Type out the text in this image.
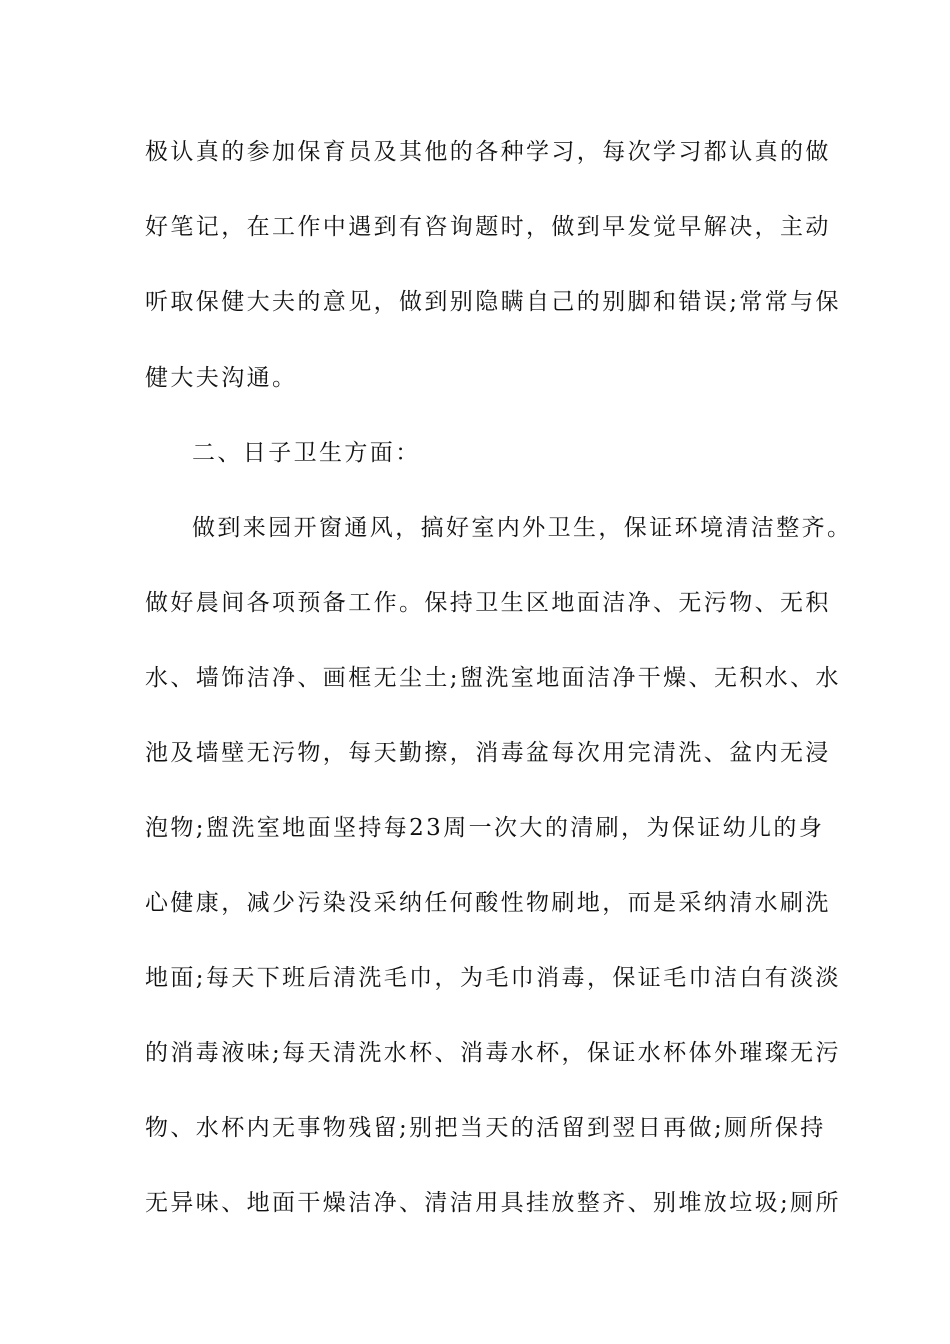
极认真的参加保育员及其他的各种学习，每次学习都认真的做
好笔记，在工作中遇到有咨询题时，做到早发觉早解决，主动
听取保健大夫的意见，做到别隐瞒自己的别脚和错误;常常与保
健大夫沟通。
二、日子卫生方面：
做到来园开窗通风，搞好室内外卫生，保证环境清洁整齐。
做好晨间各项预备工作。保持卫生区地面洁净、无污物、无积
水、墙饰洁净、画框无尘土;盥洗室地面洁净干燥、无积水、水
池及墙壁无污物，每天勤擦，消毒盆每次用完清洗、盆内无浸
泡物;盥洗室地面坚持每23周一次大的清刷，为保证幼儿的身
心健康，减少污染没采纳任何酸性物刷地，而是采纳清水刷洗
地面;每天下班后清洗毛巾，为毛巾消毒，保证毛巾洁白有淡淡
的消毒液味;每天清洗水杯、消毒水杯，保证水杯体外璀璨无污
物、水杯内无事物残留;别把当天的活留到翌日再做;厕所保持
无异味、地面干燥洁净、清洁用具挂放整齐、别堆放垃圾;厕所
